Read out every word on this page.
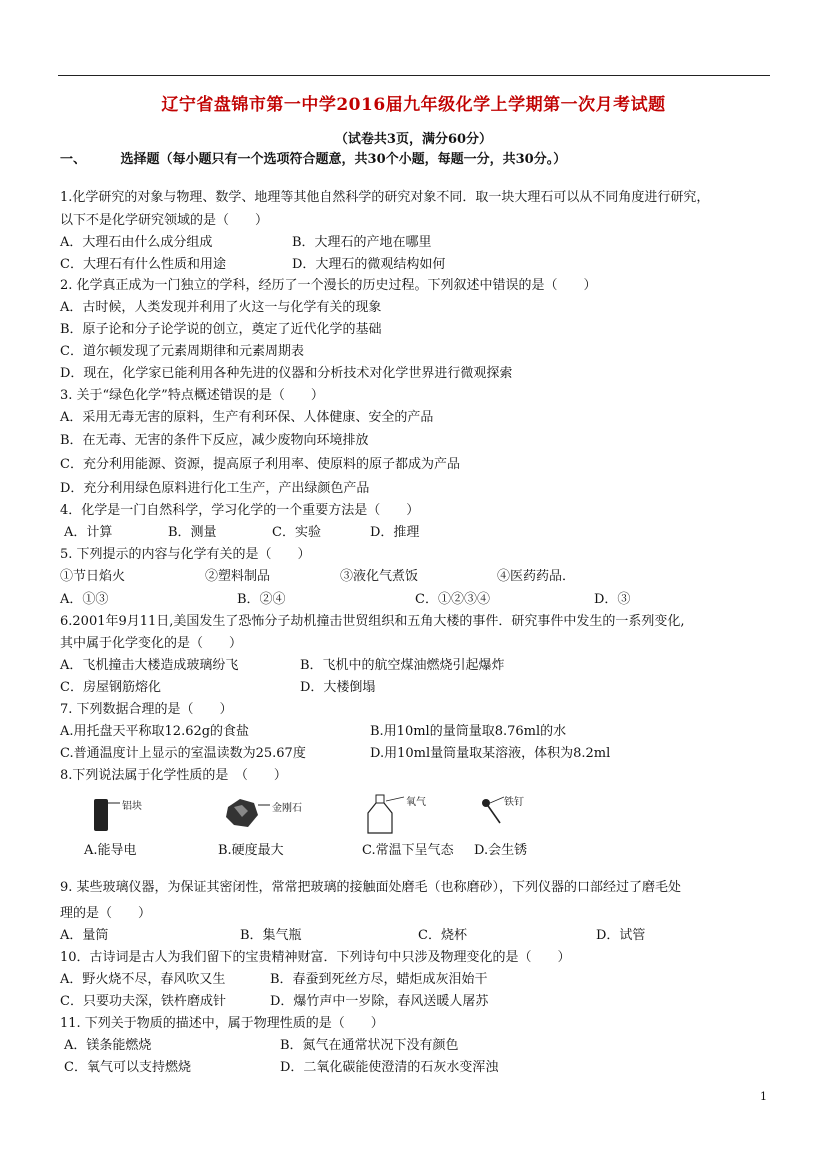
辽宁省盘锦市第一中学2016届九年级化学上学期第一次月考试题
（试卷共3页，满分60分）
一、	选择题（每小题只有一个选项符合题意，共30个小题，每题一分，共30分。）
1.化学研究的对象与物理、数学、地理等其他自然科学的研究对象不同．取一块大理石可以从不同角度进行研究，
以下不是化学研究领域的是（　　）
A．大理石由什么成分组成	B．大理石的产地在哪里
C．大理石有什么性质和用途	D．大理石的微观结构如何
2. 化学真正成为一门独立的学科，经历了一个漫长的历史过程。下列叙述中错误的是（　　）
A．古时候，人类发现并利用了火这一与化学有关的现象
B．原子论和分子论学说的创立，奠定了近代化学的基础
C．道尔顿发现了元素周期律和元素周期表
D．现在，化学家已能利用各种先进的仪器和分析技术对化学世界进行微观探索
3. 关于“绿色化学”特点概述错误的是（　　）
A．采用无毒无害的原料，生产有利环保、人体健康、安全的产品
B．在无毒、无害的条件下反应，减少废物向环境排放
C．充分利用能源、资源，提高原子利用率、使原料的原子都成为产品
D．充分利用绿色原料进行化工生产，产出绿颜色产品
4．化学是一门自然科学，学习化学的一个重要方法是（　　）
A．计算	B．测量	C．实验	D．推理
5. 下列提示的内容与化学有关的是（　　）
①节日焰火	②塑料制品	③液化气煮饭	④医药药品．
A．①③	B．②④	C．①②③④	D．③
6.2001年9月11日,美国发生了恐怖分子劫机撞击世贸组织和五角大楼的事件．研究事件中发生的一系列变化,
其中属于化学变化的是（　　）
A．飞机撞击大楼造成玻璃纷飞	B．飞机中的航空煤油燃烧引起爆炸
C．房屋钢筋熔化	D．大楼倒塌
7. 下列数据合理的是（　　）
A.用托盘天平称取12.62g的食盐	B.用10ml的量筒量取8.76ml的水
C.普通温度计上显示的室温读数为25.67度	D.用10ml量筒量取某溶液，体积为8.2ml
8.下列说法属于化学性质的是　（　　）
铝块
A.能导电
金刚石
B.硬度最大
氧气
C.常温下呈气态
铁钉
D.会生锈
9. 某些玻璃仪器，为保证其密闭性，常常把玻璃的接触面处磨毛（也称磨砂），下列仪器的口部经过了磨毛处
理的是（　　）
A．量筒	B．集气瓶	C．烧杯	D．试管
10．古诗词是古人为我们留下的宝贵精神财富．下列诗句中只涉及物理变化的是（　　）
A．野火烧不尽，春风吹又生	B．春蚕到死丝方尽，蜡炬成灰泪始干
C．只要功夫深，铁杵磨成针	D．爆竹声中一岁除，春风送暖人屠苏
11. 下列关于物质的描述中，属于物理性质的是（　　）
A．镁条能燃烧	B．氮气在通常状况下没有颜色
C．氧气可以支持燃烧	D．二氧化碳能使澄清的石灰水变浑浊
1
